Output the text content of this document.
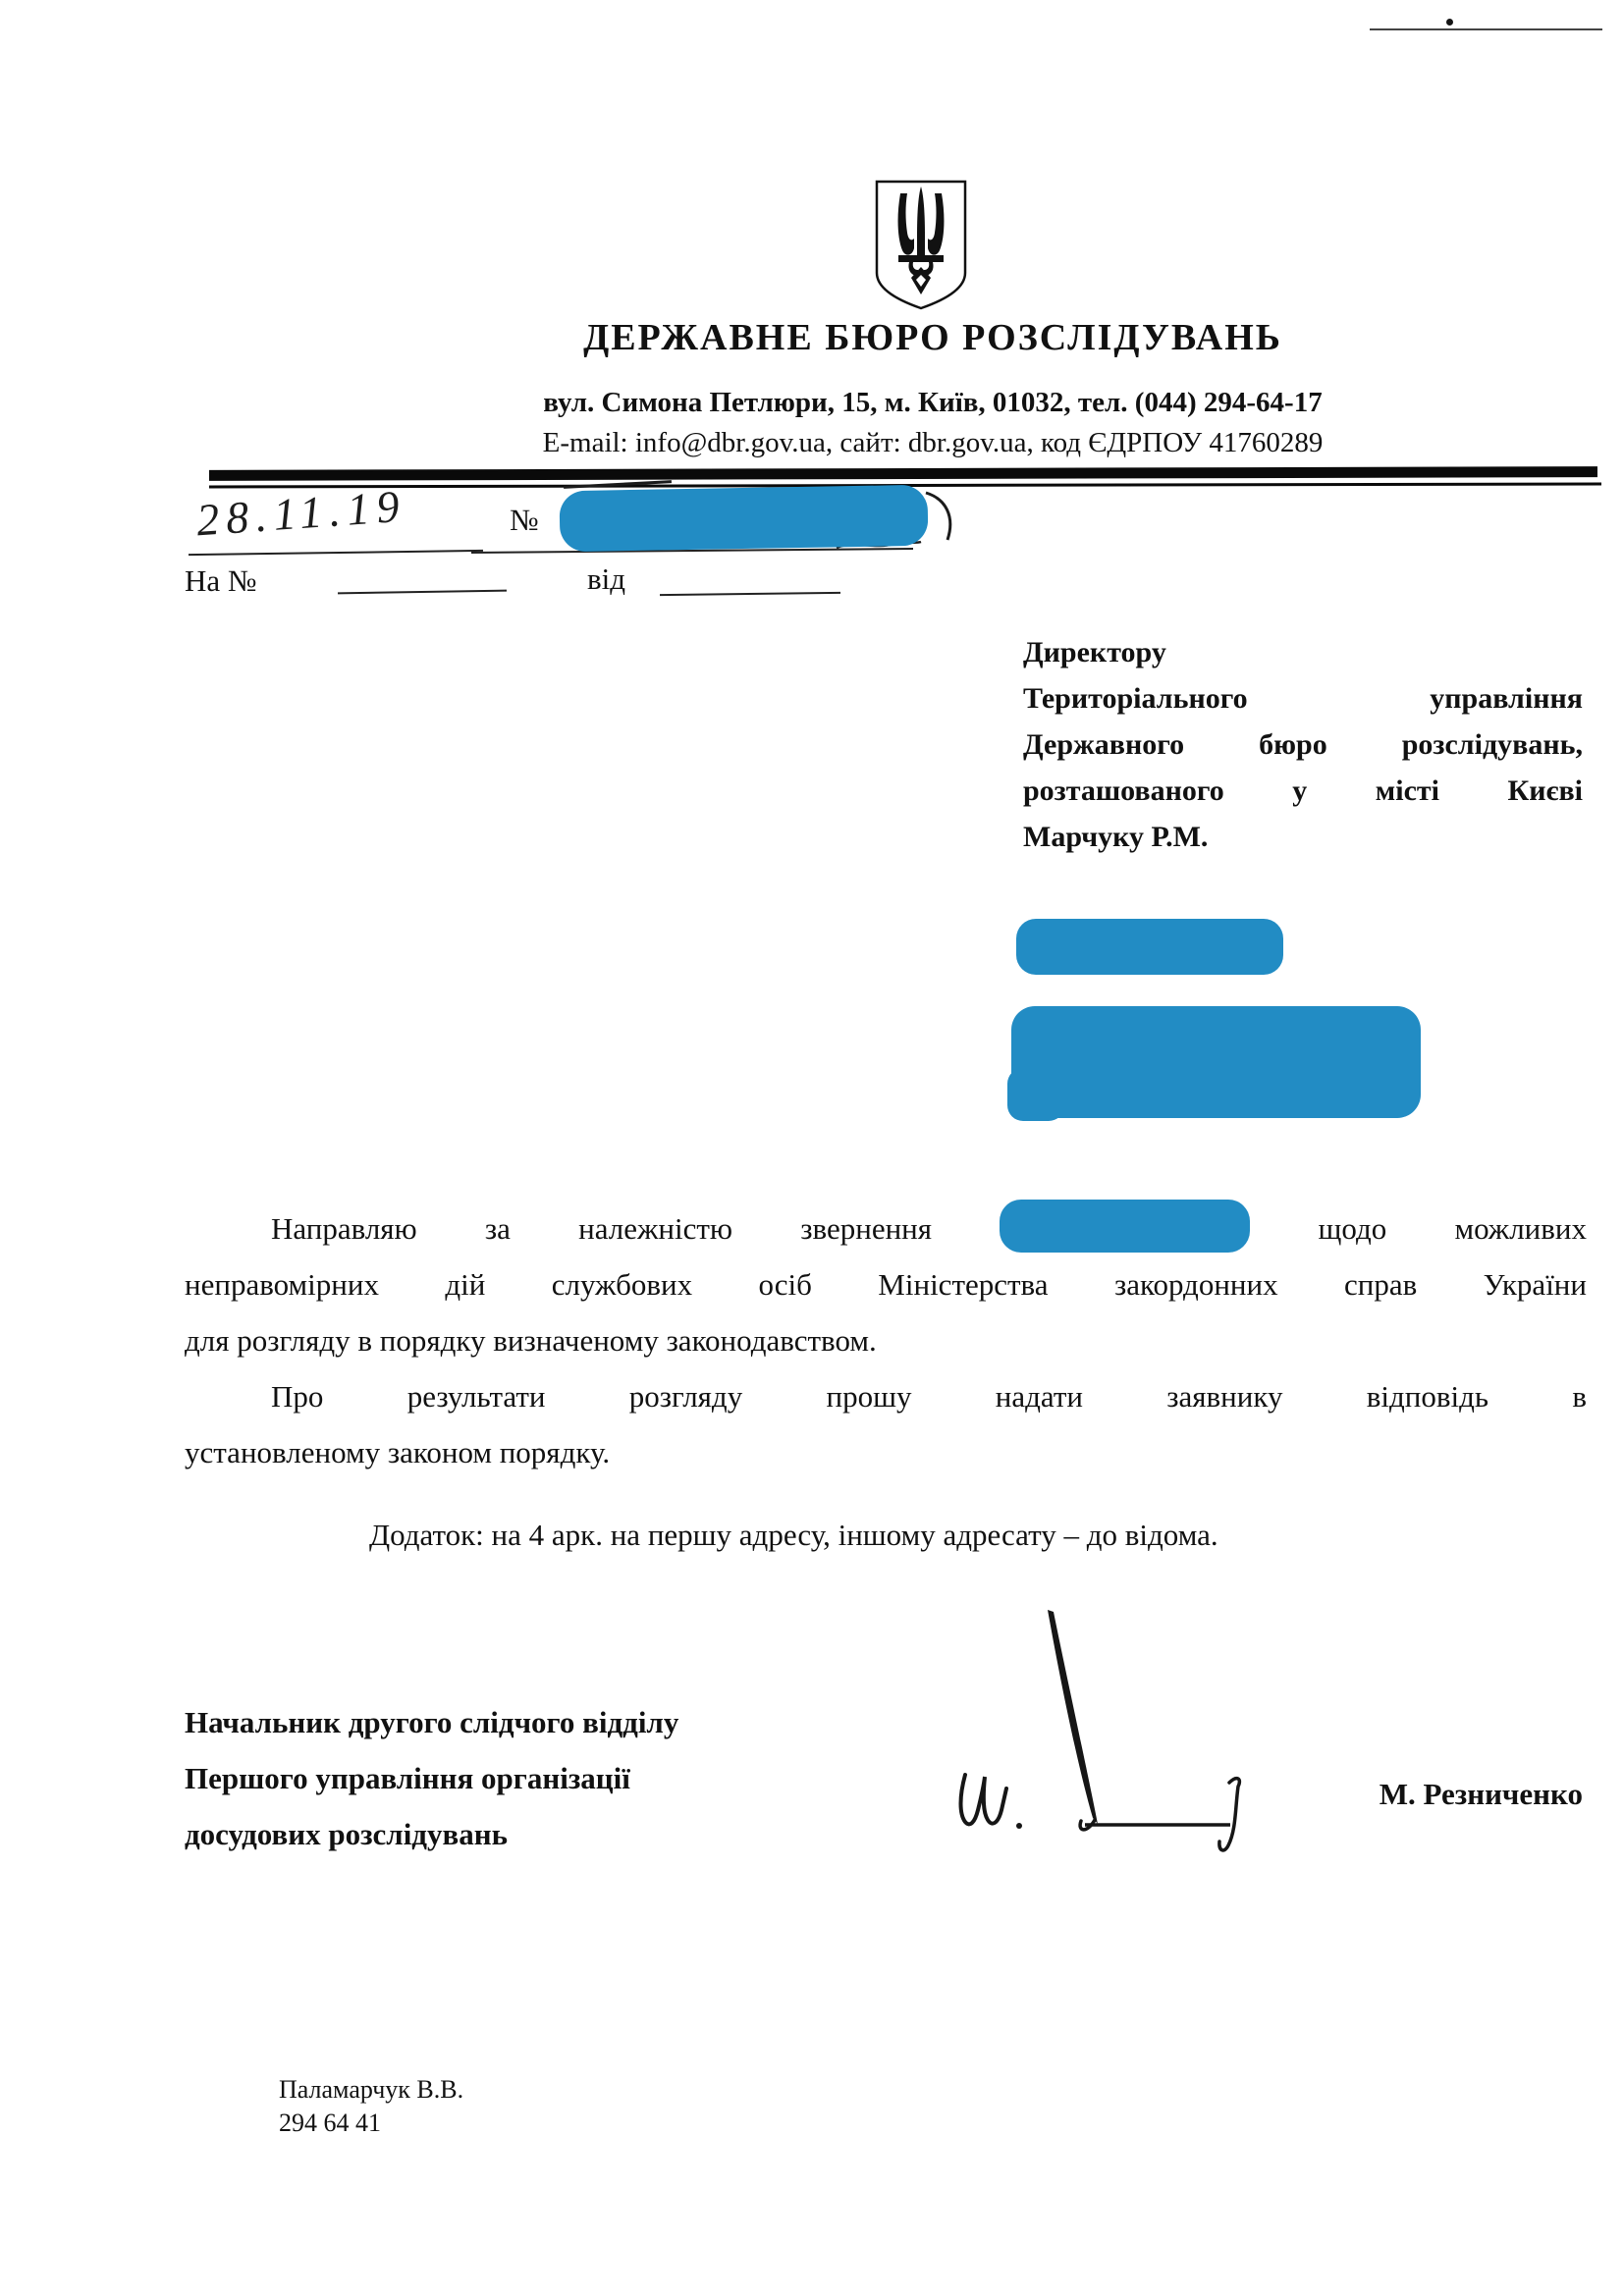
ДЕРЖАВНЕ БЮРО РОЗСЛІДУВАНЬ
вул. Симона Петлюри, 15, м. Київ, 01032, тел. (044) 294-64-17
E-mail: info@dbr.gov.ua, сайт: dbr.gov.ua, код ЄДРПОУ 41760289
28.11.19	№
На №	від
Директору
Територіального управління
Державного бюро розслідувань,
розташованого у місті Києві
Марчуку Р.М.
Направляю за належністю звернення	щодо можливих
неправомірних дій службових осіб Міністерства закордонних справ України
для розгляду в порядку визначеному законодавством.
Про результати розгляду прошу надати заявнику відповідь в
установленому законом порядку.
Додаток: на 4 арк. на першу адресу, іншому адресату – до відома.
Начальник другого слідчого відділу
Першого управління організації
досудових розслідувань
М. Резниченко
Паламарчук В.В.
294 64 41
